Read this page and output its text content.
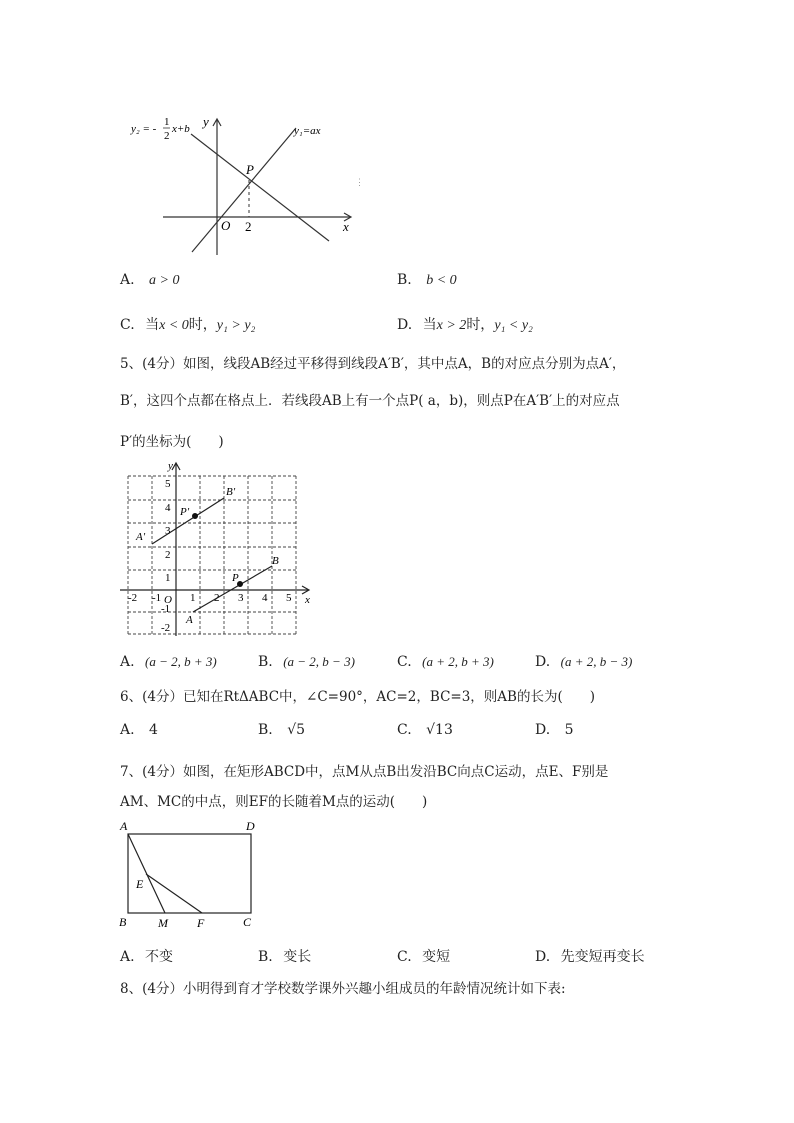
y₂ = -
1
2
x+b	y₁=ax
y
x
O 2
P
⋮
A. a > 0	B. b < 0
C. 当x < 0时，y₁ > y₂	D. 当x > 2时，y₁ < y₂
5、(4分）如图，线段AB经过平移得到线段A′B′，其中点A，B的对应点分别为点A′，
B′，这四个点都在格点上．若线段AB上有一个点P( a，b)，则点P在A′B′上的对应点
P′的坐标为(　　)
y
x
O
-2 -1	1 2 3 4 5
5
4
3
2
1
-1
-2
B′
A′
P′
B
A
P
A. (a − 2, b + 3)	B. (a − 2, b − 3)	C. (a + 2, b + 3)	D. (a + 2, b − 3)
6、(4分）已知在RtΔABC中，∠C=90°，AC=2，BC=3，则AB的长为(　　)
A. 4	B. √5	C. √13	D. 5
7、(4分）如图，在矩形ABCD中，点M从点B出发沿BC向点C运动，点E、F别是
AM、MC的中点，则EF的长随着M点的运动(　　)
A	D
B	C
E
M F
A. 不变	B. 变长	C. 变短	D. 先变短再变长
8、(4分）小明得到育才学校数学课外兴趣小组成员的年龄情况统计如下表:
